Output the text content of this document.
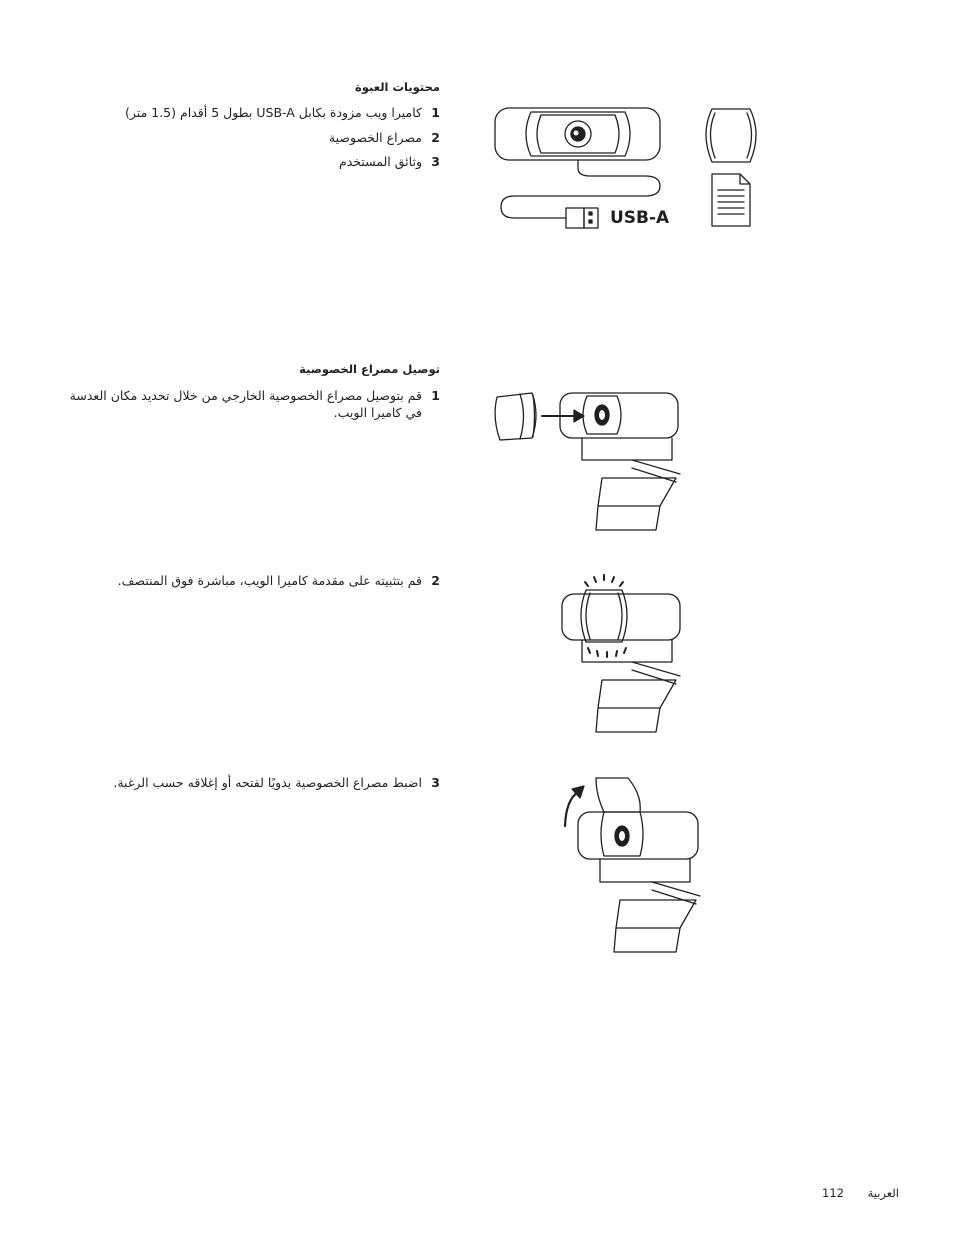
محتويات العبوة
1
كاميرا ويب مزودة بكابل USB-A بطول 5 أقدام (1.5 متر)
2
مصراع الخصوصية
3
وثائق المستخدم
USB-A
توصيل مصراع الخصوصية
1
قم بتوصيل مصراع الخصوصية الخارجي من خلال تحديد مكان العدسة في كاميرا الويب.
2
قم بتثبيته على مقدمة كاميرا الويب، مباشرة فوق المنتصف.
3
اضبط مصراع الخصوصية يدويًا لفتحه أو إغلاقه حسب الرغبة.
112 العربية
